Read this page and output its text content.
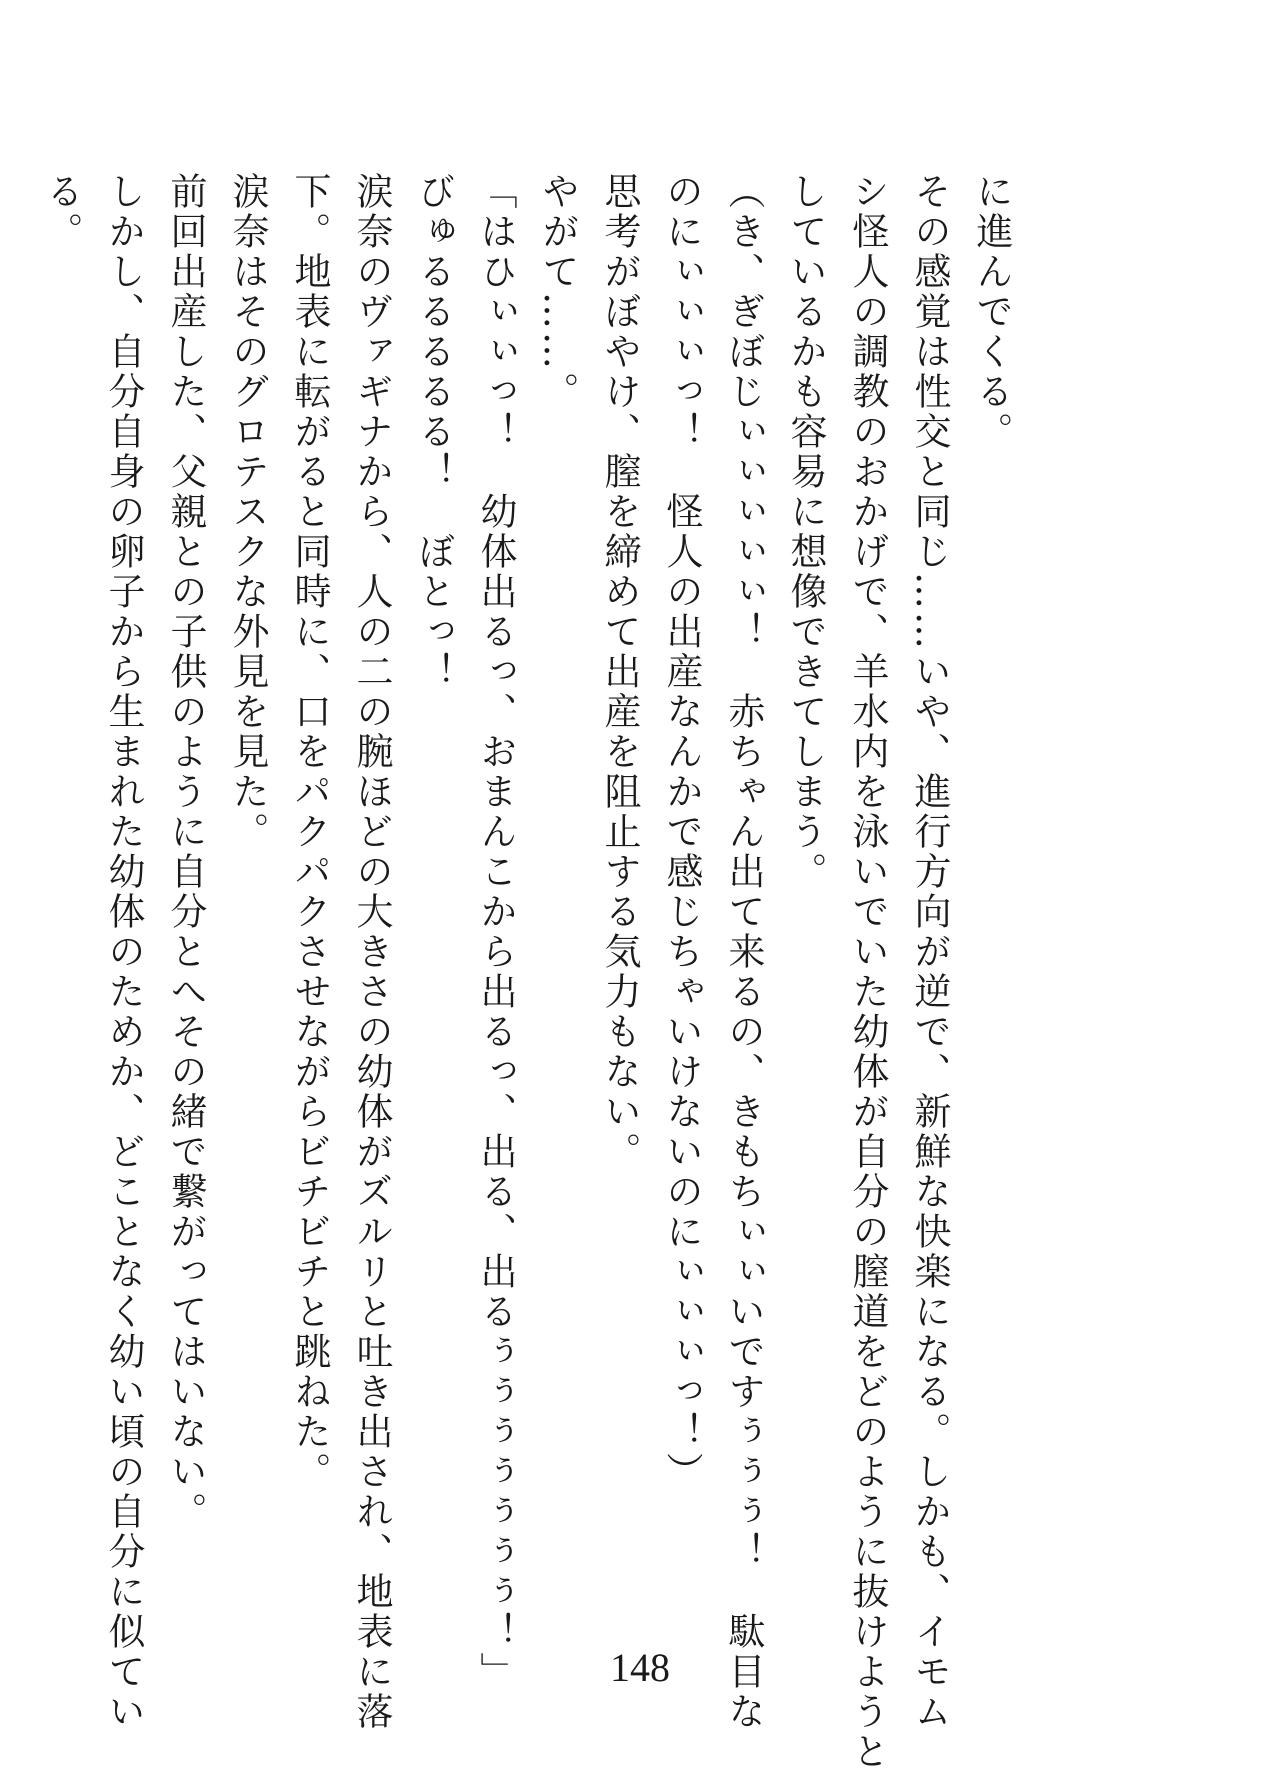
に進んでくる。

その感覚は性交と同じ……いや、進行方向が逆で、新鮮な快楽になる。しかも、イモム

シ怪人の調教のおかげで、羊水内を泳いでいた幼体が自分の膣道をどのように抜けようと

しているかも容易に想像できてしまう。

（き、ぎぼじぃぃぃぃぃ！　赤ちゃん出て来るの、きもちぃぃいですぅぅぅ！　駄目な

のにぃぃぃっ！　怪人の出産なんかで感じちゃいけないのにぃぃぃっ！）

思考がぼやけ、膣を締めて出産を阻止する気力もない。

やがて……。

「はひぃぃっ！　幼体出るっ、おまんこから出るっ、出る、出るぅぅぅぅぅぅぅ！」

びゅるるるるる！　ぼとっ！

涙奈のヴァギナから、人の二の腕ほどの大きさの幼体がズルリと吐き出され、地表に落

下。地表に転がると同時に、口をパクパクさせながらビチビチと跳ねた。

涙奈はそのグロテスクな外見を見た。

前回出産した、父親との子供のように自分とへその緒で繋がってはいない。

しかし、自分自身の卵子から生まれた幼体のためか、どことなく幼い頃の自分に似てい

る。

148
